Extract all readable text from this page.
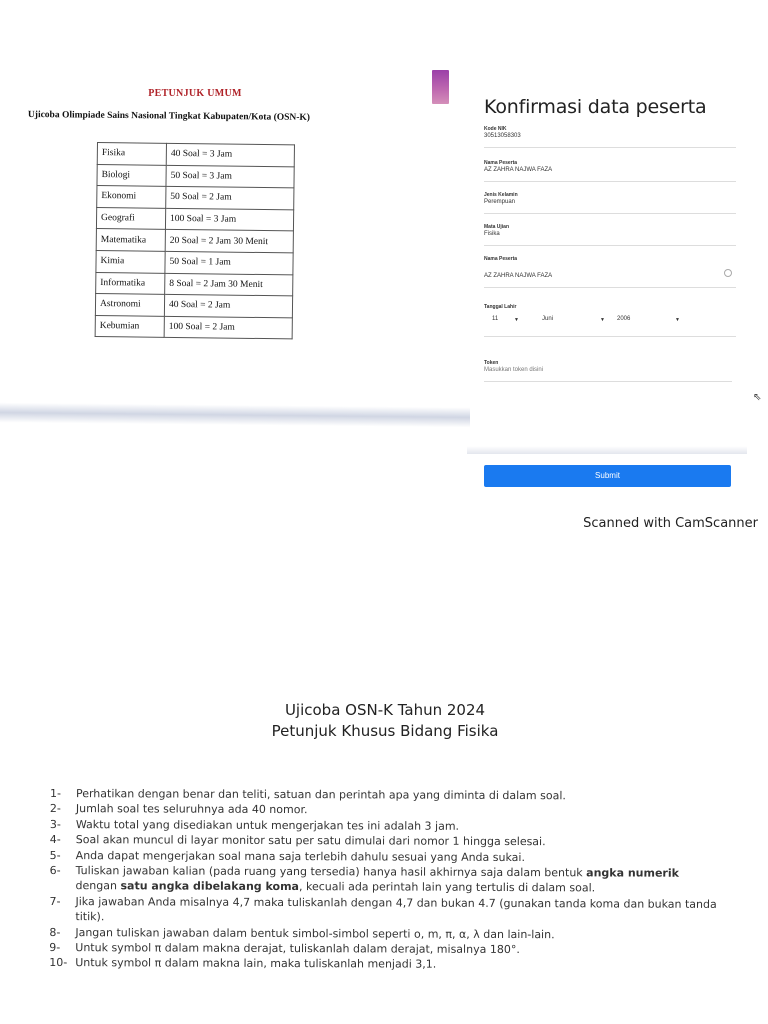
PETUNJUK UMUM
Ujicoba Olimpiade Sains Nasional Tingkat Kabupaten/Kota (OSN-K)
Fisika	40 Soal = 3 Jam
Biologi	50 Soal = 3 Jam
Ekonomi	50 Soal = 2 Jam
Geografi	100 Soal = 3 Jam
Matematika	20 Soal = 2 Jam 30 Menit
Kimia	50 Soal = 1 Jam
Informatika	8 Soal = 2 Jam 30 Menit
Astronomi	40 Soal = 2 Jam
Kebumian	100 Soal = 2 Jam
Konfirmasi data peserta
Kode NIK
30513058303
Nama Peserta
AZ ZAHRA NAJWA FAZA
Jenis Kelamin
Perempuan
Mata Ujian
Fisika
Nama Peserta
AZ ZAHRA NAJWA FAZA
Tanggal Lahir
11	▼	Juni	▼ 2006	▼
Token
Masukkan token disini
Submit
⇖
Scanned with CamScanner
Ujicoba OSN-K Tahun 2024
Petunjuk Khusus Bidang Fisika
1- Perhatikan dengan benar dan teliti, satuan dan perintah apa yang diminta di dalam soal.
2- Jumlah soal tes seluruhnya ada 40 nomor.
3- Waktu total yang disediakan untuk mengerjakan tes ini adalah 3 jam.
4- Soal akan muncul di layar monitor satu per satu dimulai dari nomor 1 hingga selesai.
5- Anda dapat mengerjakan soal mana saja terlebih dahulu sesuai yang Anda sukai.
6- Tuliskan jawaban kalian (pada ruang yang tersedia) hanya hasil akhirnya saja dalam bentuk angka numerik dengan satu angka dibelakang koma, kecuali ada perintah lain yang tertulis di dalam soal.
7- Jika jawaban Anda misalnya 4,7 maka tuliskanlah dengan 4,7 dan bukan 4.7 (gunakan tanda koma dan bukan tanda titik).
8- Jangan tuliskan jawaban dalam bentuk simbol-simbol seperti o, m, π, α, λ dan lain-lain.
9- Untuk symbol π dalam makna derajat, tuliskanlah dalam derajat, misalnya 180°.
10- Untuk symbol π dalam makna lain, maka tuliskanlah menjadi 3,1.
